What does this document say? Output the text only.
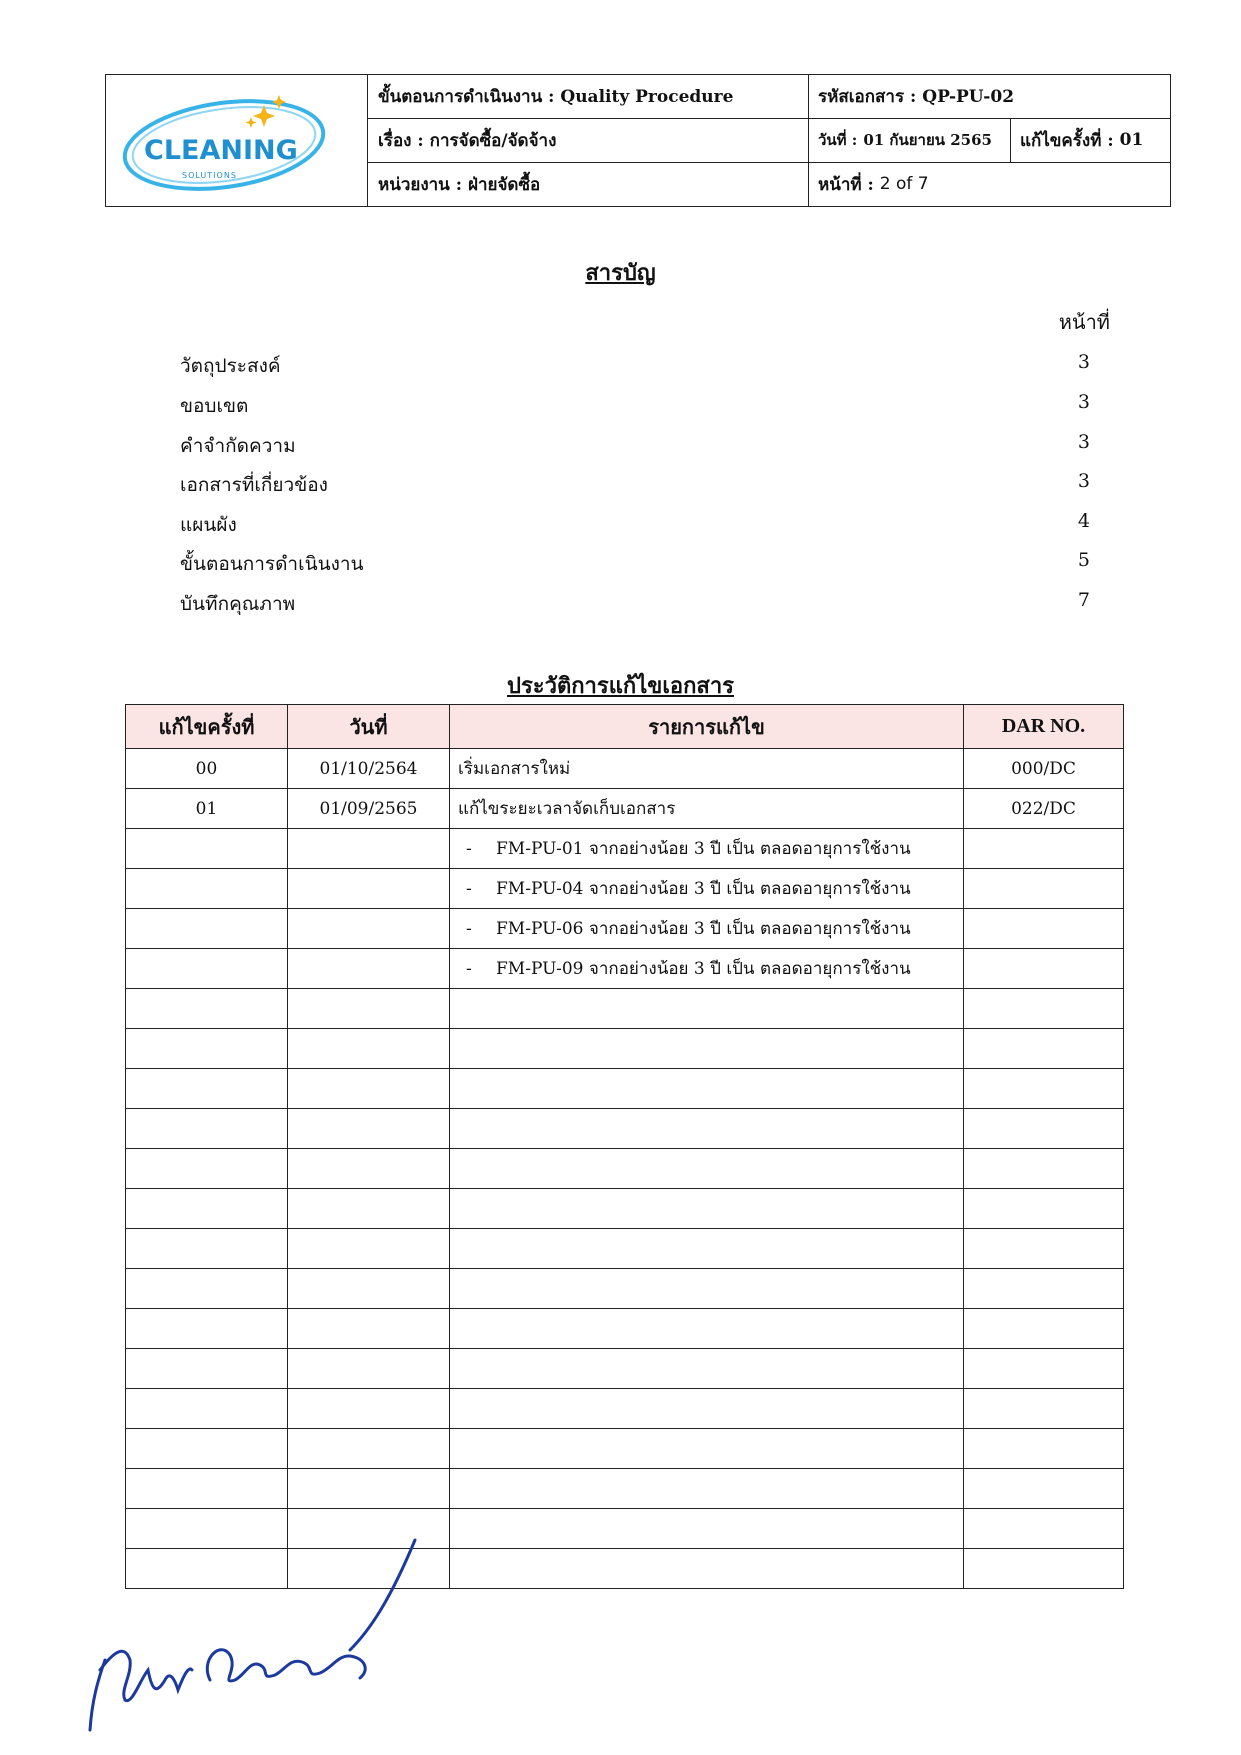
CLEANING
SOLUTIONS
ขั้นตอนการดำเนินงาน : Quality Procedure
เรื่อง : การจัดซื้อ/จัดจ้าง
หน่วยงาน : ฝ่ายจัดซื้อ
รหัสเอกสาร : QP-PU-02
วันที่ : 01 กันยายน 2565 แก้ไขครั้งที่ : 01
หน้าที่ : 2 of 7
สารบัญ
หน้าที่
วัตถุประสงค์	3
ขอบเขต	3
คำจำกัดความ	3
เอกสารที่เกี่ยวข้อง	3
แผนผัง	4
ขั้นตอนการดำเนินงาน	5
บันทึกคุณภาพ	7
ประวัติการแก้ไขเอกสาร
แก้ไขครั้งที่	วันที่	รายการแก้ไข	DAR NO.
00	01/10/2564	เริ่มเอกสารใหม่	000/DC
01	01/09/2565	แก้ไขระยะเวลาจัดเก็บเอกสาร	022/DC
		- FM-PU-01 จากอย่างน้อย 3 ปี เป็น ตลอดอายุการใช้งาน	
		- FM-PU-04 จากอย่างน้อย 3 ปี เป็น ตลอดอายุการใช้งาน	
		- FM-PU-06 จากอย่างน้อย 3 ปี เป็น ตลอดอายุการใช้งาน	
		- FM-PU-09 จากอย่างน้อย 3 ปี เป็น ตลอดอายุการใช้งาน	
